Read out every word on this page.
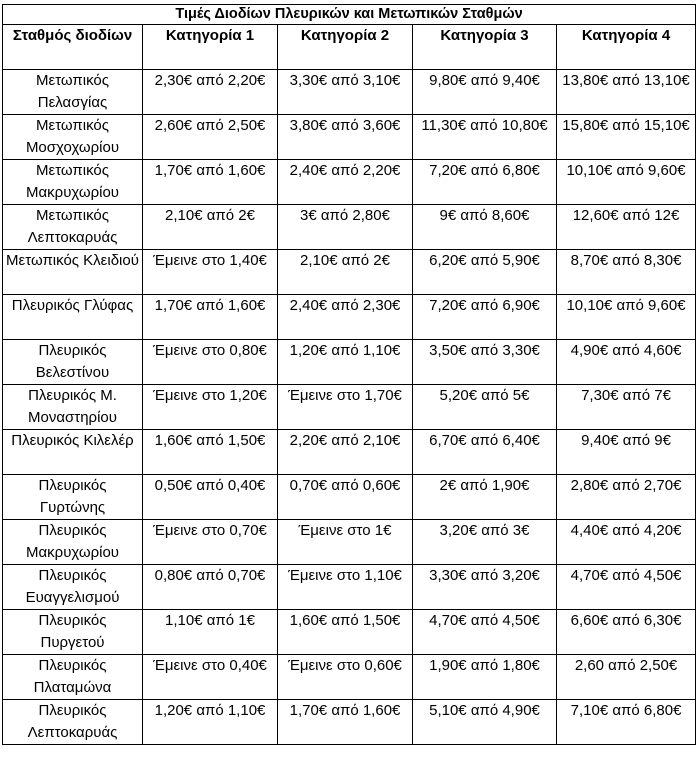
Τιμές Διοδίων Πλευρικών και Μετωπικών Σταθμών				
Σταθμός διοδίων	Κατηγορία 1	Κατηγορία 2	Κατηγορία 3	Κατηγορία 4
Μετωπικός Πελασγίας	2,30€ από 2,20€	3,30€ από 3,10€	9,80€ από 9,40€	13,80€ από 13,10€
Μετωπικός Μοσχοχωρίου	2,60€ από 2,50€	3,80€ από 3,60€	11,30€ από 10,80€	15,80€ από 15,10€
Μετωπικός Μακρυχωρίου	1,70€ από 1,60€	2,40€ από 2,20€	7,20€ από 6,80€	10,10€ από 9,60€
Μετωπικός Λεπτοκαρυάς	2,10€ από 2€	3€ από 2,80€	9€ από 8,60€	12,60€ από 12€
Μετωπικός Κλειδιού	Έμεινε στο 1,40€	2,10€ από 2€	6,20€ από 5,90€	8,70€ από 8,30€
Πλευρικός Γλύφας	1,70€ από 1,60€	2,40€ από 2,30€	7,20€ από 6,90€	10,10€ από 9,60€
Πλευρικός Βελεστίνου	Έμεινε στο 0,80€	1,20€ από 1,10€	3,50€ από 3,30€	4,90€ από 4,60€
Πλευρικός Μ. Μοναστηρίου	Έμεινε στο 1,20€	Έμεινε στο 1,70€	5,20€ από 5€	7,30€ από 7€
Πλευρικός Κιλελέρ	1,60€ από 1,50€	2,20€ από 2,10€	6,70€ από 6,40€	9,40€ από 9€
Πλευρικός Γυρτώνης	0,50€ από 0,40€	0,70€ από 0,60€	2€ από 1,90€	2,80€ από 2,70€
Πλευρικός Μακρυχωρίου	Έμεινε στο 0,70€	Έμεινε στο 1€	3,20€ από 3€	4,40€ από 4,20€
Πλευρικός Ευαγγελισμού	0,80€ από 0,70€	Έμεινε στο 1,10€	3,30€ από 3,20€	4,70€ από 4,50€
Πλευρικός Πυργετού	1,10€ από 1€	1,60€ από 1,50€	4,70€ από 4,50€	6,60€ από 6,30€
Πλευρικός Πλαταμώνα	Έμεινε στο 0,40€	Έμεινε στο 0,60€	1,90€ από 1,80€	2,60 από 2,50€
Πλευρικός Λεπτοκαρυάς	1,20€ από 1,10€	1,70€ από 1,60€	5,10€ από 4,90€	7,10€ από 6,80€
